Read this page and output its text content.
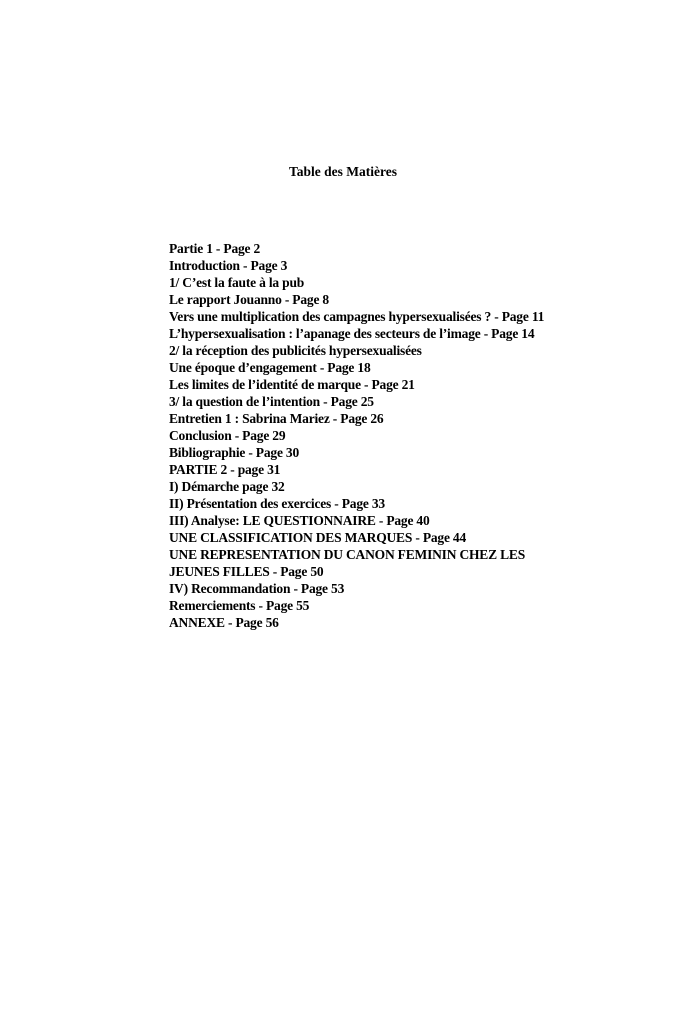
Table des Matières
Partie 1 - Page 2
Introduction - Page 3
1/ C’est la faute à la pub
Le rapport Jouanno - Page 8
Vers une multiplication des campagnes hypersexualisées ? - Page 11
L’hypersexualisation : l’apanage des secteurs de l’image - Page 14
2/ la réception des publicités hypersexualisées
Une époque d’engagement - Page 18
Les limites de l’identité de marque - Page 21
3/ la question de l’intention - Page 25
Entretien 1 : Sabrina Mariez - Page 26
Conclusion - Page 29
Bibliographie - Page 30
PARTIE 2 - page 31
I) Démarche page 32
II) Présentation des exercices - Page 33
III) Analyse: LE QUESTIONNAIRE - Page 40
UNE CLASSIFICATION DES MARQUES - Page 44
UNE REPRESENTATION DU CANON FEMININ CHEZ LES
JEUNES FILLES - Page 50
IV) Recommandation - Page 53
Remerciements - Page 55
ANNEXE - Page 56
